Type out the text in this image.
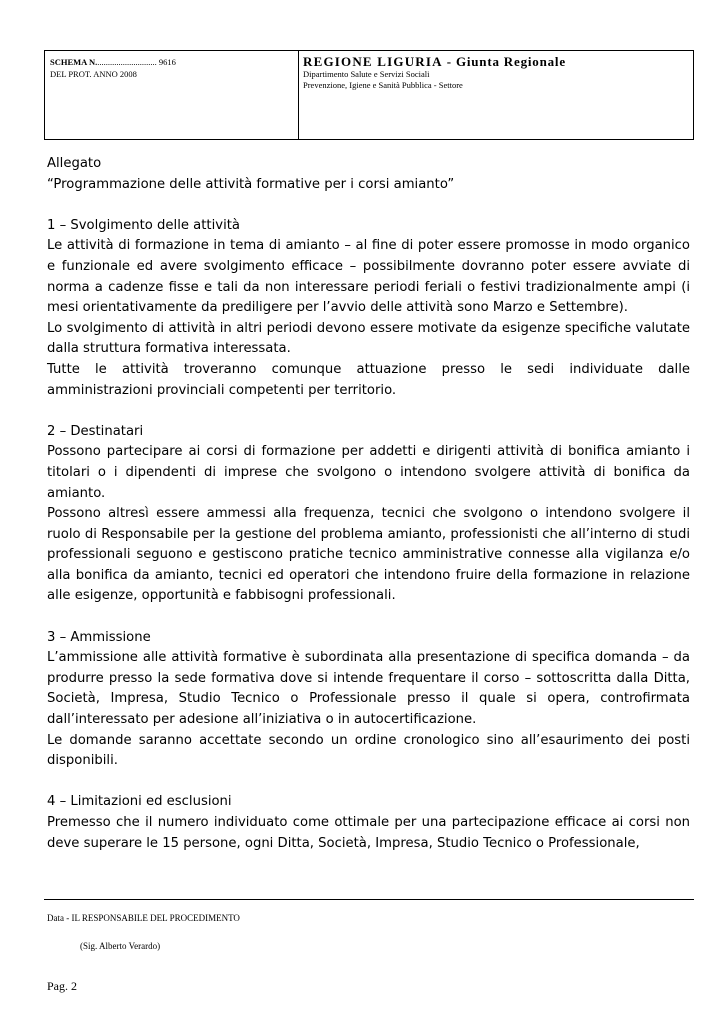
SCHEMA N............................. 9616
DEL PROT. ANNO 2008
REGIONE LIGURIA - Giunta Regionale
Dipartimento Salute e Servizi Sociali
Prevenzione, Igiene e Sanità Pubblica - Settore

Allegato

“Programmazione delle attività formative per i corsi amianto”

1 – Svolgimento delle attività

Le attività di formazione in tema di amianto – al fine di poter essere promosse in modo organico e funzionale ed avere svolgimento efficace – possibilmente dovranno poter essere avviate di norma a cadenze fisse e tali da non interessare periodi feriali o festivi tradizionalmente ampi (i mesi orientativamente da prediligere per l’avvio delle attività sono Marzo e Settembre).

Lo svolgimento di attività in altri periodi devono essere motivate da esigenze specifiche valutate dalla struttura formativa interessata.

Tutte le attività troveranno comunque attuazione presso le sedi individuate dalle amministrazioni provinciali competenti per territorio.

2 – Destinatari

Possono partecipare ai corsi di formazione per addetti e dirigenti attività di bonifica amianto i titolari o i dipendenti di imprese che svolgono o intendono svolgere attività di bonifica da amianto.

Possono altresì essere ammessi alla frequenza, tecnici che svolgono o intendono svolgere il ruolo di Responsabile per la gestione del problema amianto, professionisti che all’interno di studi professionali seguono e gestiscono pratiche tecnico amministrative connesse alla vigilanza e/o alla bonifica da amianto, tecnici ed operatori che intendono fruire della formazione in relazione alle esigenze, opportunità e fabbisogni professionali.

3 – Ammissione

L’ammissione alle attività formative è subordinata alla presentazione di specifica domanda – da produrre presso la sede formativa dove si intende frequentare il corso – sottoscritta dalla Ditta, Società, Impresa, Studio Tecnico o Professionale presso il quale si opera, controfirmata dall’interessato per adesione all’iniziativa o in autocertificazione.

Le domande saranno accettate secondo un ordine cronologico sino all’esaurimento dei posti disponibili.

4 – Limitazioni ed esclusioni

Premesso che il numero individuato come ottimale per una partecipazione efficace ai corsi non deve superare le 15 persone, ogni Ditta, Società, Impresa, Studio Tecnico o Professionale,

Data - IL RESPONSABILE DEL PROCEDIMENTO
(Sig. Alberto Verardo)
Pag. 2
